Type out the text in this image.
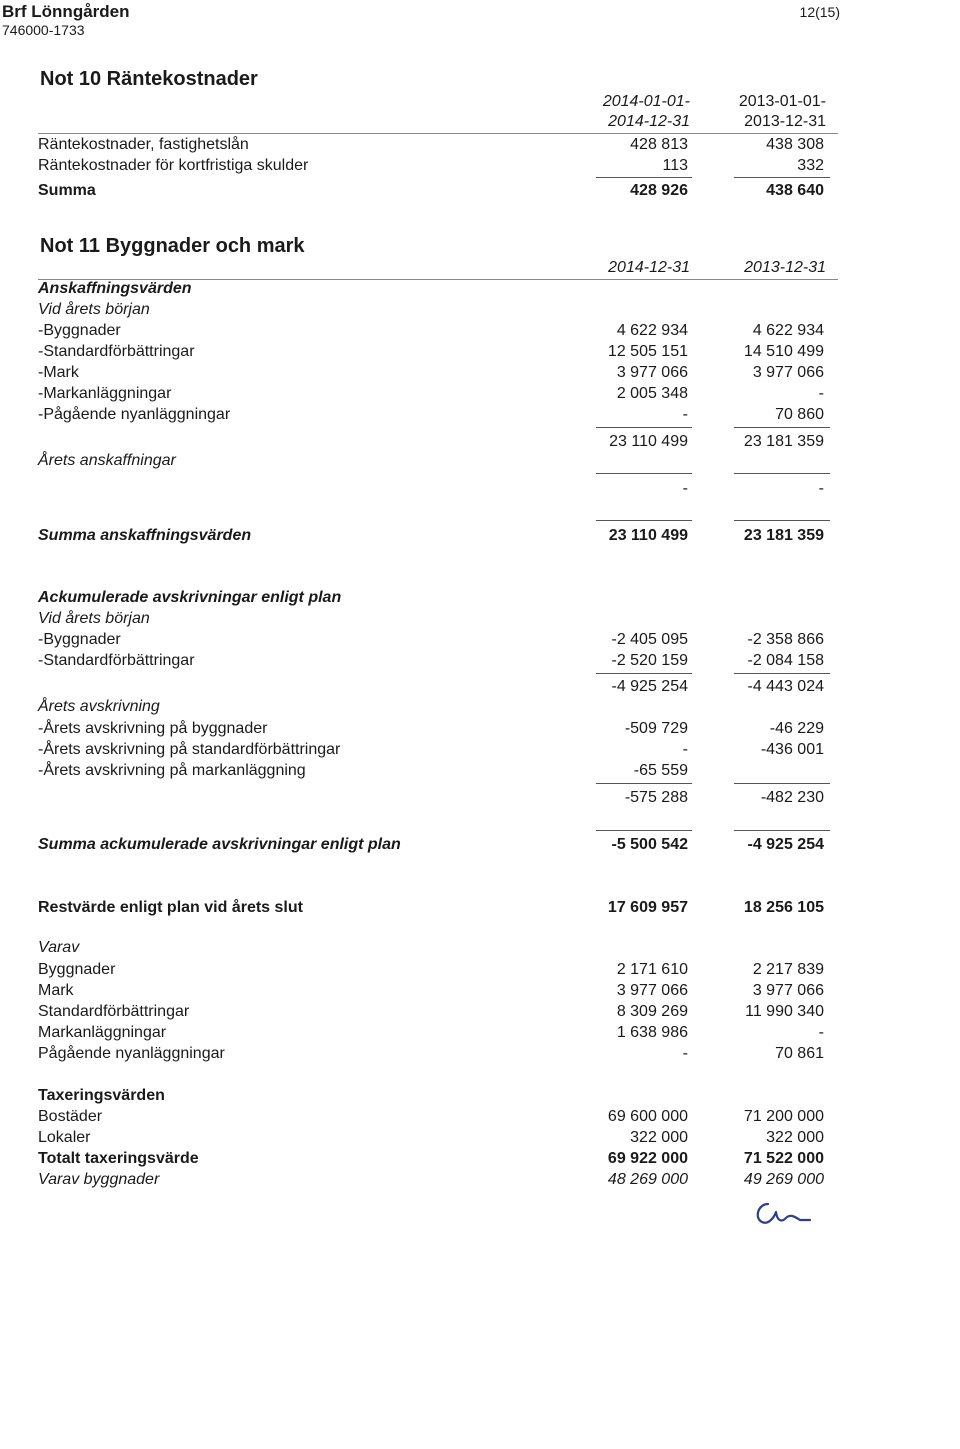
Brf Lönngården
746000-1733
12(15)
Not 10 Räntekostnader
2014-01-01-
2014-12-31
2013-01-01-
2013-12-31
Räntekostnader, fastighetslån	428 813	438 308
Räntekostnader för kortfristiga skulder	113	332
Summa	428 926	438 640
Not 11 Byggnader och mark
2014-12-31	2013-12-31
Anskaffningsvärden
Vid årets början
-Byggnader	4 622 934	4 622 934
-Standardförbättringar	12 505 151	14 510 499
-Mark	3 977 066	3 977 066
-Markanläggningar	2 005 348	-
-Pågående nyanläggningar	-	70 860
23 110 499	23 181 359
Årets anskaffningar
-	-
Summa anskaffningsvärden	23 110 499	23 181 359
Ackumulerade avskrivningar enligt plan
Vid årets början
-Byggnader	-2 405 095	-2 358 866
-Standardförbättringar	-2 520 159	-2 084 158
-4 925 254	-4 443 024
Årets avskrivning
-Årets avskrivning på byggnader	-509 729	-46 229
-Årets avskrivning på standardförbättringar	-	-436 001
-Årets avskrivning på markanläggning	-65 559
-575 288	-482 230
Summa ackumulerade avskrivningar enligt plan	-5 500 542	-4 925 254
Restvärde enligt plan vid årets slut	17 609 957	18 256 105
Varav
Byggnader	2 171 610	2 217 839
Mark	3 977 066	3 977 066
Standardförbättringar	8 309 269	11 990 340
Markanläggningar	1 638 986	-
Pågående nyanläggningar	-	70 861
Taxeringsvärden
Bostäder	69 600 000	71 200 000
Lokaler	322 000	322 000
Totalt taxeringsvärde	69 922 000	71 522 000
Varav byggnader	48 269 000	49 269 000
